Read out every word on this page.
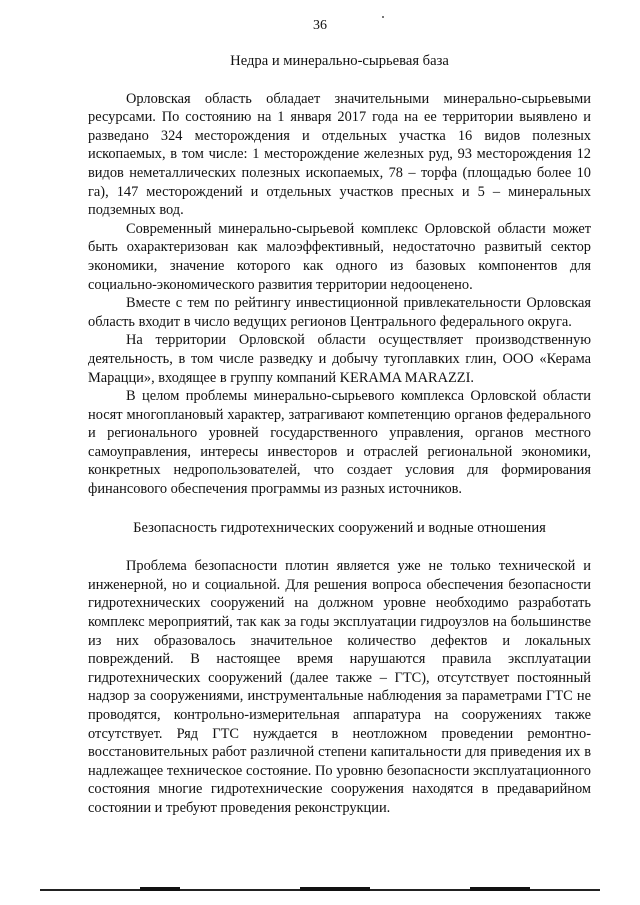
36
Недра и минерально-сырьевая база

Орловская область обладает значительными минерально-сырьевыми ресурсами. По состоянию на 1 января 2017 года на ее территории выявлено и разведано 324 месторождения и отдельных участка 16 видов полезных ископаемых, в том числе: 1 месторождение железных руд, 93 месторождения 12 видов неметаллических полезных ископаемых, 78 – торфа (площадью более 10 га), 147 месторождений и отдельных участков пресных и 5 – минеральных подземных вод.

Современный минерально-сырьевой комплекс Орловской области может быть охарактеризован как малоэффективный, недостаточно развитый сектор экономики, значение которого как одного из базовых компонентов для социально-экономического развития территории недооценено.

Вместе с тем по рейтингу инвестиционной привлекательности Орловская область входит в число ведущих регионов Центрального федерального округа.

На территории Орловской области осуществляет производственную деятельность, в том числе разведку и добычу тугоплавких глин, ООО «Керама Марацци», входящее в группу компаний KERAMA MARAZZI.

В целом проблемы минерально-сырьевого комплекса Орловской области носят многоплановый характер, затрагивают компетенцию органов федерального и регионального уровней государственного управления, органов местного самоуправления, интересы инвесторов и отраслей региональной экономики, конкретных недропользователей, что создает условия для формирования финансового обеспечения программы из разных источников.

Безопасность гидротехнических сооружений и водные отношения

Проблема безопасности плотин является уже не только технической и инженерной, но и социальной. Для решения вопроса обеспечения безопасности гидротехнических сооружений на должном уровне необходимо разработать комплекс мероприятий, так как за годы эксплуатации гидроузлов на большинстве из них образовалось значительное количество дефектов и локальных повреждений. В настоящее время нарушаются правила эксплуатации гидротехнических сооружений (далее также – ГТС), отсутствует постоянный надзор за сооружениями, инструментальные наблюдения за параметрами ГТС не проводятся, контрольно-измерительная аппаратура на сооружениях также отсутствует. Ряд ГТС нуждается в неотложном проведении ремонтно-восстановительных работ различной степени капитальности для приведения их в надлежащее техническое состояние. По уровню безопасности эксплуатационного состояния многие гидротехнические сооружения находятся в предаварийном состоянии и требуют проведения реконструкции.
